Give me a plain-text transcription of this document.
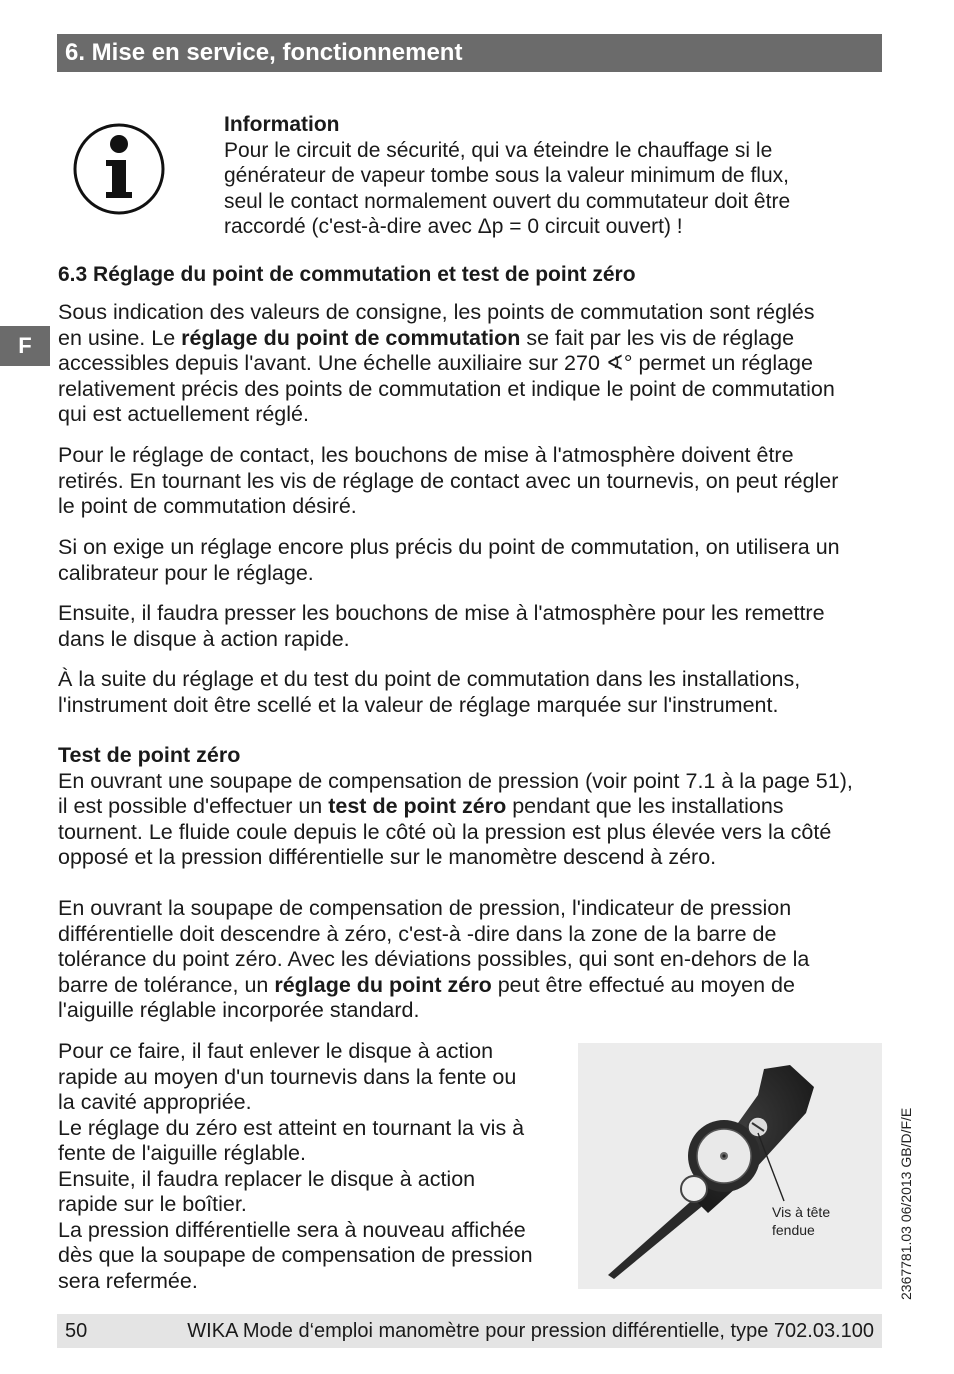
6. Mise en service, fonctionnement
F
Information
Pour le circuit de sécurité, qui va éteindre le chauffage si le
générateur de vapeur tombe sous la valeur minimum de flux,
seul le contact normalement ouvert du commutateur doit être
raccordé (c'est-à-dire avec Δp = 0 circuit ouvert) !
6.3 Réglage du point de commutation et test de point zéro
Sous indication des valeurs de consigne, les points de commutation sont réglés
en usine. Le réglage du point de commutation se fait par les vis de réglage
accessibles depuis l'avant. Une échelle auxiliaire sur 270 ∢° permet un réglage
relativement précis des points de commutation et indique le point de commutation
qui est actuellement réglé.
Pour le réglage de contact, les bouchons de mise à l'atmosphère doivent être
retirés. En tournant les vis de réglage de contact avec un tournevis, on peut régler
le point de commutation désiré.
Si on exige un réglage encore plus précis du point de commutation, on utilisera un
calibrateur pour le réglage.
Ensuite, il faudra presser les bouchons de mise à l'atmosphère pour les remettre
dans le disque à action rapide.
À la suite du réglage et du test du point de commutation dans les installations,
l'instrument doit être scellé et la valeur de réglage marquée sur l'instrument.
Test de point zéro
En ouvrant une soupape de compensation de pression (voir point 7.1 à la page 51),
il est possible d'effectuer un test de point zéro pendant que les installations
tournent. Le fluide coule depuis le côté où la pression est plus élevée vers la côté
opposé et la pression différentielle sur le manomètre descend à zéro.
En ouvrant la soupape de compensation de pression, l'indicateur de pression
différentielle doit descendre à zéro, c'est-à -dire dans la zone de la barre de
tolérance du point zéro. Avec les déviations possibles, qui sont en-dehors de la
barre de tolérance, un réglage du point zéro peut être effectué au moyen de
l'aiguille réglable incorporée standard.
Pour ce faire, il faut enlever le disque à action
rapide au moyen d'un tournevis dans la fente ou
la cavité appropriée.
Le réglage du zéro est atteint en tournant la vis à
fente de l'aiguille réglable.
Ensuite, il faudra replacer le disque à action
rapide sur le boîtier.
La pression différentielle sera à nouveau affichée
dès que la soupape de compensation de pression
sera refermée.
Vis à tête
fendue	2367781.03 06/2013 GB/D/F/E
50	WIKA Mode d‘emploi manomètre pour pression différentielle, type 702.03.100
